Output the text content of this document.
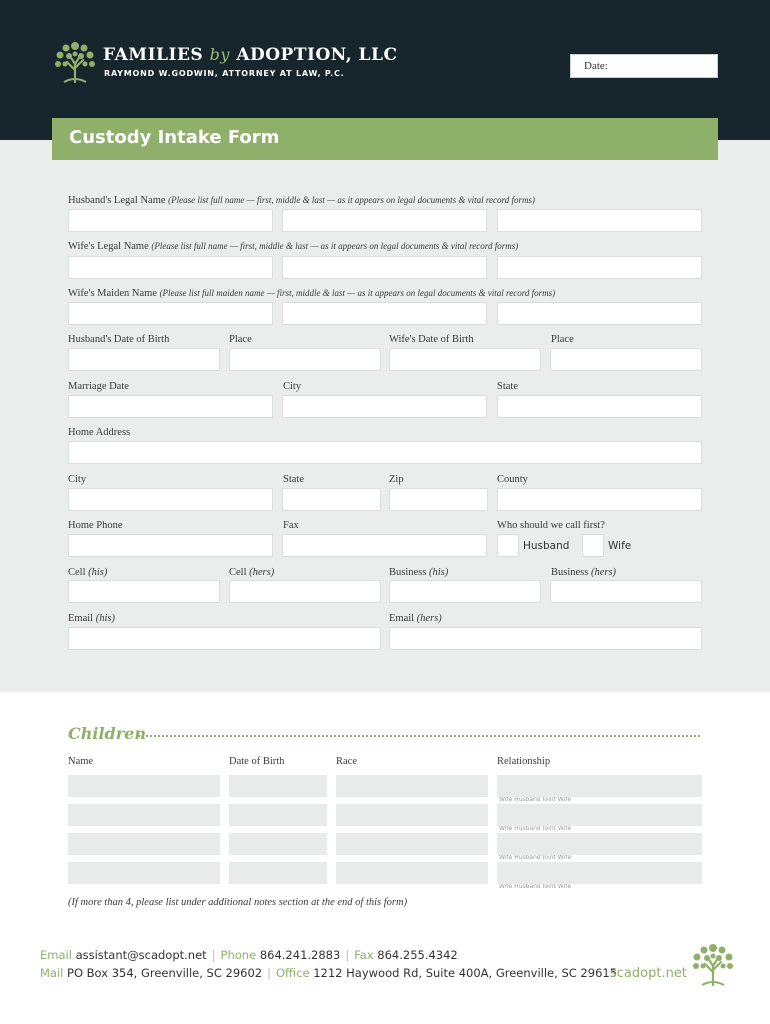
FAMILIES by ADOPTION, LLC
RAYMOND W.GODWIN, ATTORNEY AT LAW, P.C.
Date:
Custody Intake Form
Husband's Legal Name (Please list full name — first, middle & last — as it appears on legal documents & vital record forms)
Wife's Legal Name (Please list full name — first, middle & last — as it appears on legal documents & vital record forms)
Wife's Maiden Name (Please list full maiden name — first, middle & last — as it appears on legal documents & vital record forms)
Husband's Date of Birth	Place	Wife's Date of Birth	Place
Marriage Date	City	State
Home Address
City	State	Zip	County
Home Phone	Fax	Who should we call first?
Husband	Wife
Cell (his)	Cell (hers)	Business (his)	Business (hers)
Email (his)	Email (hers)
Children
Name	Date of Birth	Race	Relationship
Wife Husband Joint Wife
Wife Husband Joint Wife
Wife Husband Joint Wife
Wife Husband Joint Wife
(If more than 4, please list under additional notes section at the end of this form)
Email assistant@scadopt.net | Phone 864.241.2883 | Fax 864.255.4342
Mail PO Box 354, Greenville, SC 29602 | Office 1212 Haywood Rd, Suite 400A, Greenville, SC 29615
scadopt.net
